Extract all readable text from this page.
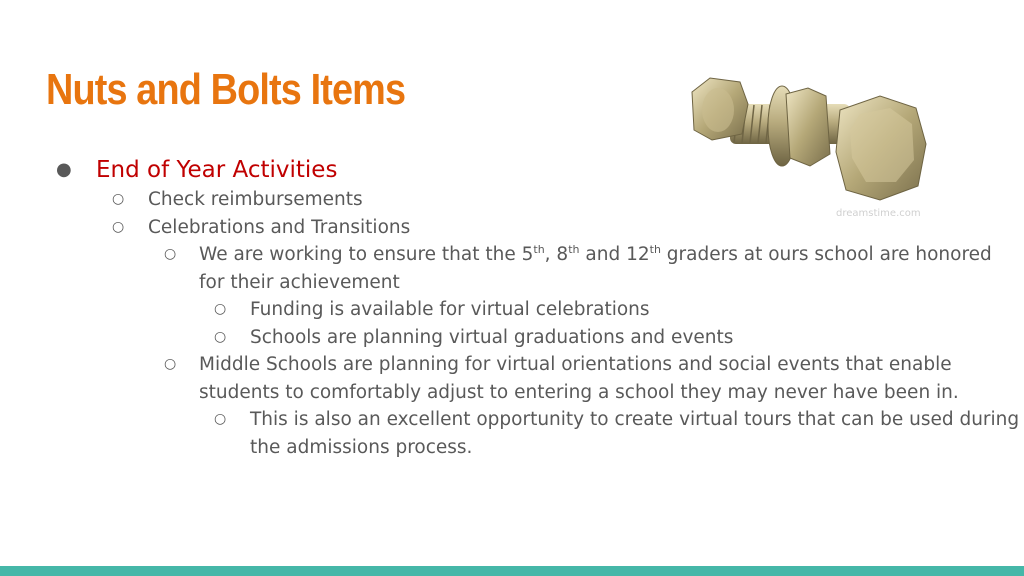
Nuts and Bolts Items
dreamstime.com
● End of Year Activities
○ Check reimbursements
○ Celebrations and Transitions
○ We are working to ensure that the 5th, 8th and 12th graders at ours school are honored for their achievement
○ Funding is available for virtual celebrations
○ Schools are planning virtual graduations and events
○ Middle Schools are planning for virtual orientations and social events that enable students to comfortably adjust to entering a school they may never have been in.
○ This is also an excellent opportunity to create virtual tours that can be used during the admissions process.
